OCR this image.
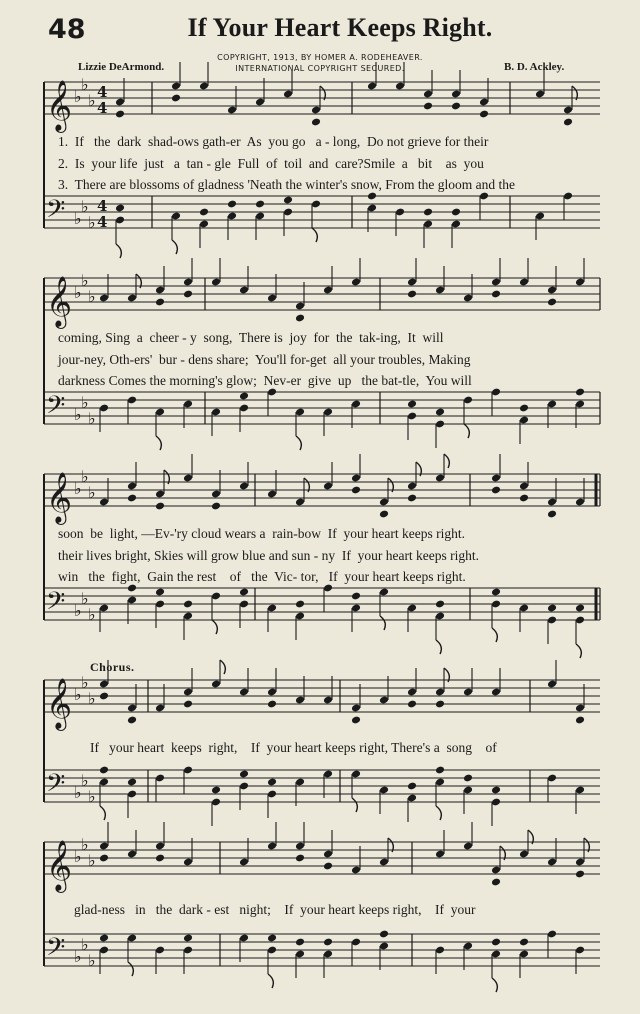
48	If Your Heart Keeps Right.
COPYRIGHT, 1913, BY HOMER A. RODEHEAVER.
INTERNATIONAL COPYRIGHT SECURED.
Lizzie DeArmond.	B. D. Ackley.
𝄞 ♭
♭
♭ 4
4
𝄢 ♭
♭
♭
4
4
𝄞 ♭
♭
♭
𝄢 ♭
♭
♭
𝄞 ♭
♭
♭
𝄢 ♭
♭
♭
𝄞 ♭
♭
♭
𝄢 ♭
♭
♭
𝄞 ♭
♭
♭
𝄢 ♭
♭
♭
1.  If   the  dark  shad-ows gath-er  As  you go   a - long,  Do not grieve for their
2.  Is  your life  just   a  tan - gle  Full  of  toil  and  care?Smile  a   bit    as  you
3.  There are blossoms of gladness 'Neath the winter's snow, From the gloom and the
coming, Sing  a  cheer - y  song,  There is  joy  for  the  tak-ing,  It  will
jour-ney, Oth-ers'  bur - dens share;  You'll for-get  all your troubles, Making
darkness Comes the morning's glow;  Nev-er  give  up   the bat-tle,  You will
soon  be  light, —Ev-'ry cloud wears a  rain-bow  If  your heart keeps right.
their lives bright, Skies will grow blue and sun - ny  If  your heart keeps right.
win   the  fight,  Gain the rest    of   the  Vic- tor,   If  your heart keeps right.
Chorus.
If   your heart  keeps  right,    If  your heart keeps right, There's a  song    of
glad-ness   in   the  dark - est   night;    If  your heart keeps right,    If  your
